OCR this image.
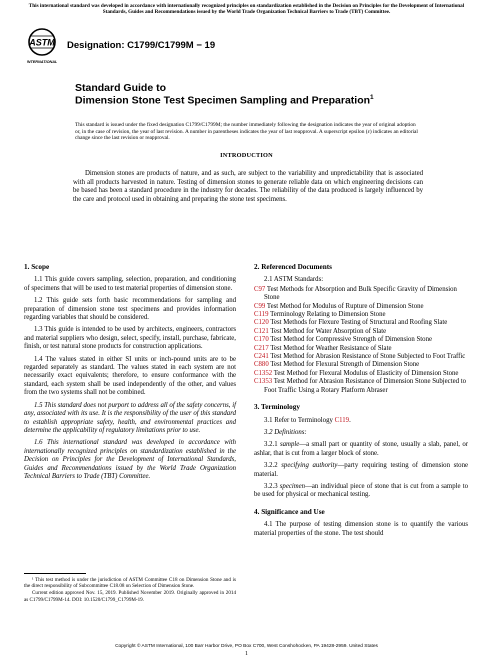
This international standard was developed in accordance with internationally recognized principles on standardization established in the Decision on Principles for the Development of International Standards, Guides and Recommendations issued by the World Trade Organization Technical Barriers to Trade (TBT) Committee.
ASTM
INTERNATIONAL
Designation: C1799/C1799M − 19
Standard Guide to
Dimension Stone Test Specimen Sampling and Preparation$^1$
This standard is issued under the fixed designation C1799/C1799M; the number immediately following the designation indicates the year of original adoption or, in the case of revision, the year of last revision. A number in parentheses indicates the year of last reapproval. A superscript epsilon (ε) indicates an editorial change since the last revision or reapproval.
INTRODUCTION
Dimension stones are products of nature, and as such, are subject to the variability and unpredictability that is associated with all products harvested in nature. Testing of dimension stones to generate reliable data on which engineering decisions can be based has been a standard procedure in the industry for decades. The reliability of the data produced is largely influenced by the care and protocol used in obtaining and preparing the stone test specimens.
1. Scope

1.1 This guide covers sampling, selection, preparation, and conditioning of specimens that will be used to test material properties of dimension stone.

1.2 This guide sets forth basic recommendations for sampling and preparation of dimension stone test specimens and provides information regarding variables that should be considered.

1.3 This guide is intended to be used by architects, engineers, contractors and material suppliers who design, select, specify, install, purchase, fabricate, finish, or test natural stone products for construction applications.

1.4 The values stated in either SI units or inch-pound units are to be regarded separately as standard. The values stated in each system are not necessarily exact equivalents; therefore, to ensure conformance with the standard, each system shall be used independently of the other, and values from the two systems shall not be combined.

1.5 This standard does not purport to address all of the safety concerns, if any, associated with its use. It is the responsibility of the user of this standard to establish appropriate safety, health, and environmental practices and determine the applicability of regulatory limitations prior to use.

1.6 This international standard was developed in accordance with internationally recognized principles on standardization established in the Decision on Principles for the Development of International Standards, Guides and Recommendations issued by the World Trade Organization Technical Barriers to Trade (TBT) Committee.

2. Referenced Documents

2.1 ASTM Standards:

C97 Test Methods for Absorption and Bulk Specific Gravity of Dimension Stone
C99 Test Method for Modulus of Rupture of Dimension Stone
C119 Terminology Relating to Dimension Stone
C120 Test Methods for Flexure Testing of Structural and Roofing Slate
C121 Test Method for Water Absorption of Slate
C170 Test Method for Compressive Strength of Dimension Stone
C217 Test Method for Weather Resistance of Slate
C241 Test Method for Abrasion Resistance of Stone Subjected to Foot Traffic
C880 Test Method for Flexural Strength of Dimension Stone
C1352 Test Method for Flexural Modulus of Elasticity of Dimension Stone
C1353 Test Method for Abrasion Resistance of Dimension Stone Subjected to Foot Traffic Using a Rotary Platform Abraser
3. Terminology

3.1 Refer to Terminology C119.

3.2 Definitions:

3.2.1 sample—a small part or quantity of stone, usually a slab, panel, or ashlar, that is cut from a larger block of stone.

3.2.2 specifying authority—party requiring testing of dimension stone material.

3.2.3 specimen—an individual piece of stone that is cut from a sample to be used for physical or mechanical testing.

4. Significance and Use

4.1 The purpose of testing dimension stone is to quantify the various material properties of the stone. The test should

¹ This test method is under the jurisdiction of ASTM Committee C18 on Dimension Stone and is the direct responsibility of Subcommittee C18.08 on Selection of Dimension Stone.

Current edition approved Nov. 15, 2019. Published November 2019. Originally approved in 2014 as C1799/C1799M-14. DOI: 10.1520/C1799_C1799M-19.

Copyright © ASTM International, 100 Barr Harbor Drive, PO Box C700, West Conshohocken, PA 19428-2959. United States
1
